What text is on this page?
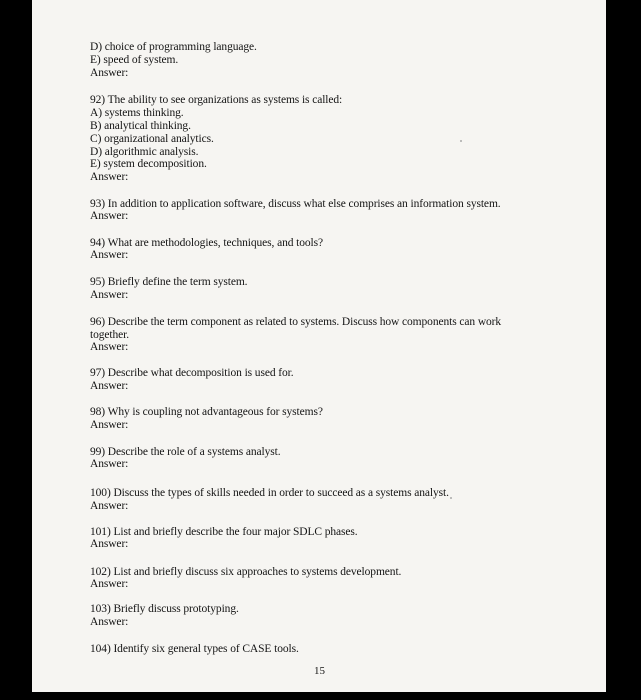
D) choice of programming language.
E) speed of system.
Answer:
92) The ability to see organizations as systems is called:
A) systems thinking.
B) analytical thinking.
C) organizational analytics.
D) algorithmic analysis.
E) system decomposition.
Answer:
93) In addition to application software, discuss what else comprises an information system.
Answer:
94) What are methodologies, techniques, and tools?
Answer:
95) Briefly define the term system.
Answer:
96) Describe the term component as related to systems. Discuss how components can work together.
Answer:
97) Describe what decomposition is used for.
Answer:
98) Why is coupling not advantageous for systems?
Answer:
99) Describe the role of a systems analyst.
Answer:
100) Discuss the types of skills needed in order to succeed as a systems analyst.
Answer:
101) List and briefly describe the four major SDLC phases.
Answer:
102) List and briefly discuss six approaches to systems development.
Answer:
103) Briefly discuss prototyping.
Answer:
104) Identify six general types of CASE tools.
15
